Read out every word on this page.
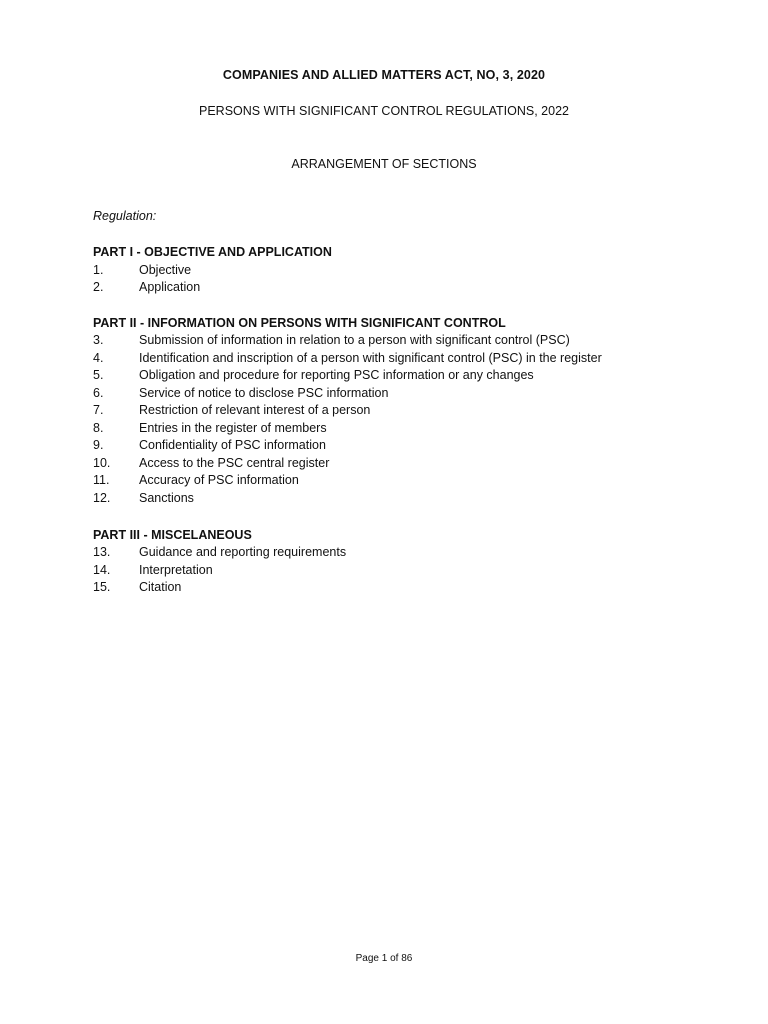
COMPANIES AND ALLIED MATTERS ACT, NO, 3, 2020
PERSONS WITH SIGNIFICANT CONTROL REGULATIONS, 2022
ARRANGEMENT OF SECTIONS
Regulation:
PART I - OBJECTIVE AND APPLICATION
1.	Objective
2.	Application
PART II - INFORMATION ON PERSONS WITH SIGNIFICANT CONTROL
3.	Submission of information in relation to a person with significant control (PSC)
4.	Identification and inscription of a person with significant control (PSC) in the register
5.	Obligation and procedure for reporting PSC information or any changes
6.	Service of notice to disclose PSC information
7.	Restriction of relevant interest of a person
8.	Entries in the register of members
9.	Confidentiality of PSC information
10.	Access to the PSC central register
11.	Accuracy of PSC information
12.	Sanctions
PART III - MISCELANEOUS
13.	Guidance and reporting requirements
14.	Interpretation
15.	Citation
Page 1 of 86
